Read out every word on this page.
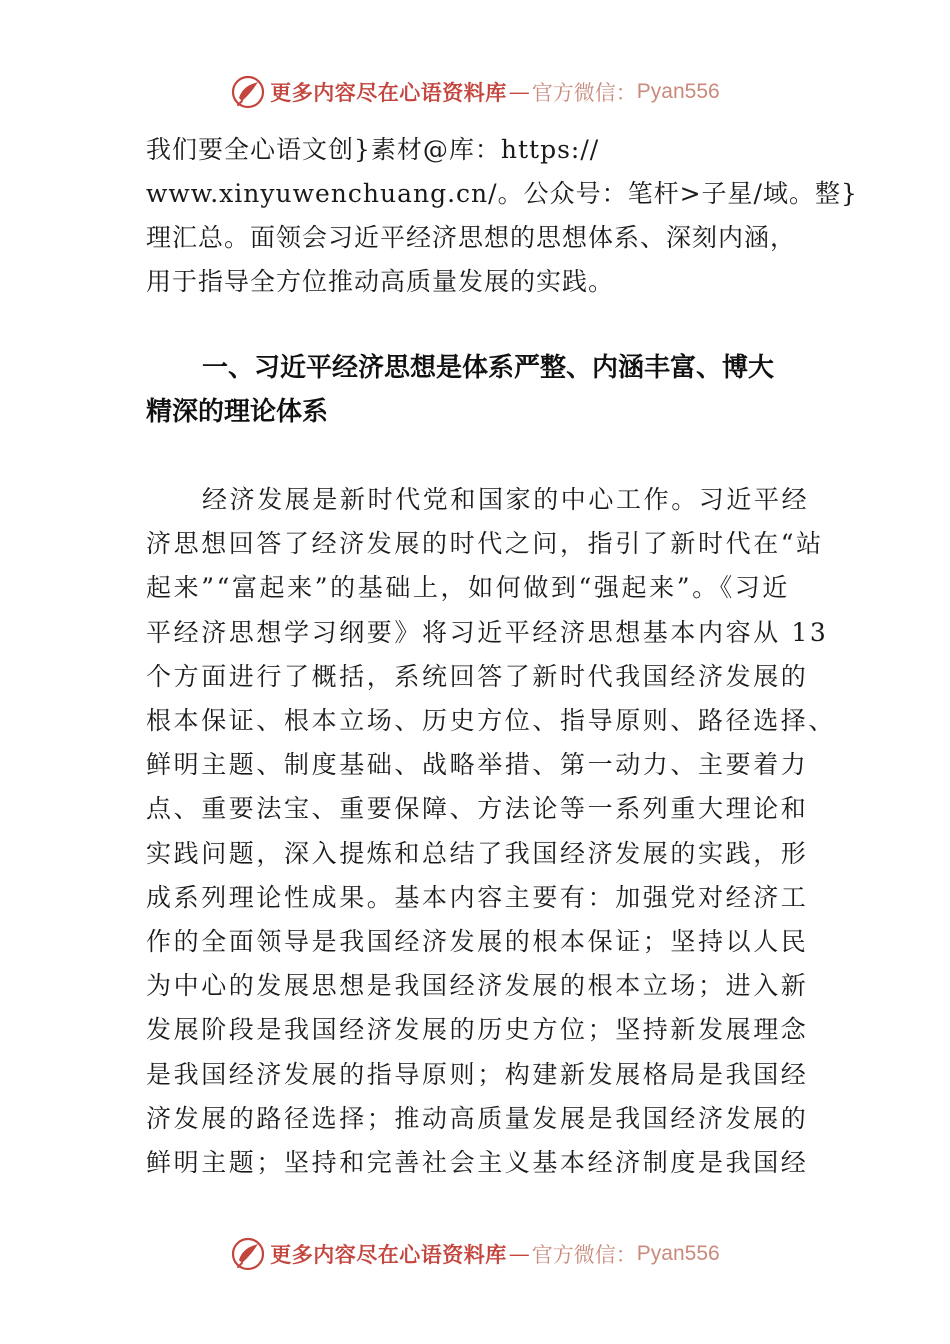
更多内容尽在心语资料库 — 官方微信： Pyan556
我们要全心语文创}素材@库：https://
www.xinyuwenchuang.cn/。公众号：笔杆>子星/域。整}
理汇总。面领会习近平经济思想的思想体系、深刻内涵，
用于指导全方位推动高质量发展的实践。
一、习近平经济思想是体系严整、内涵丰富、博大
精深的理论体系
经济发展是新时代党和国家的中心工作。习近平经
济思想回答了经济发展的时代之问，指引了新时代在“站
起来”“富起来”的基础上，如何做到“强起来”。《习近
平经济思想学习纲要》将习近平经济思想基本内容从 13
个方面进行了概括，系统回答了新时代我国经济发展的
根本保证、根本立场、历史方位、指导原则、路径选择、
鲜明主题、制度基础、战略举措、第一动力、主要着力
点、重要法宝、重要保障、方法论等一系列重大理论和
实践问题，深入提炼和总结了我国经济发展的实践，形
成系列理论性成果。基本内容主要有：加强党对经济工
作的全面领导是我国经济发展的根本保证；坚持以人民
为中心的发展思想是我国经济发展的根本立场；进入新
发展阶段是我国经济发展的历史方位；坚持新发展理念
是我国经济发展的指导原则；构建新发展格局是我国经
济发展的路径选择；推动高质量发展是我国经济发展的
鲜明主题；坚持和完善社会主义基本经济制度是我国经
更多内容尽在心语资料库 — 官方微信： Pyan556
